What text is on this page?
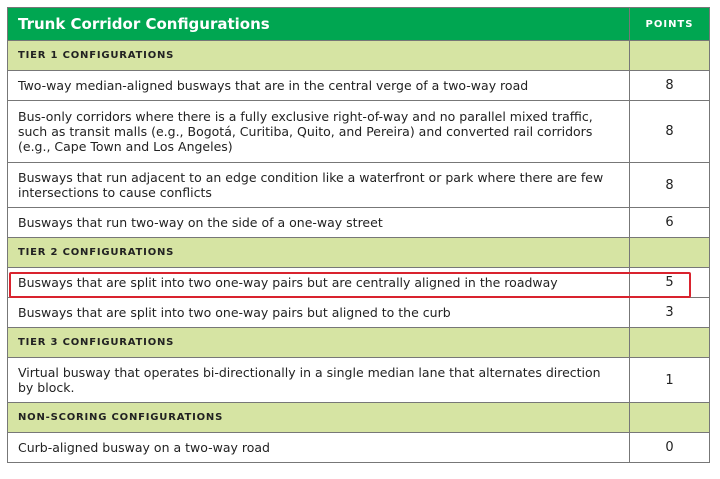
Trunk Corridor Configurations	POINTS
TIER 1 CONFIGURATIONS	
Two-way median-aligned busways that are in the central verge of a two-way road	8
Bus-only corridors where there is a fully exclusive right-of-way and no parallel mixed traffic, such as transit malls (e.g., Bogotá, Curitiba, Quito, and Pereira) and converted rail corridors (e.g., Cape Town and Los Angeles)	8
Busways that run adjacent to an edge condition like a waterfront or park where there are few intersections to cause conflicts	8
Busways that run two-way on the side of a one-way street	6
TIER 2 CONFIGURATIONS	
Busways that are split into two one-way pairs but are centrally aligned in the roadway	5
Busways that are split into two one-way pairs but aligned to the curb	3
TIER 3 CONFIGURATIONS	
Virtual busway that operates bi-directionally in a single median lane that alternates direction by block.	1
NON-SCORING CONFIGURATIONS	
Curb-aligned busway on a two-way road	0
